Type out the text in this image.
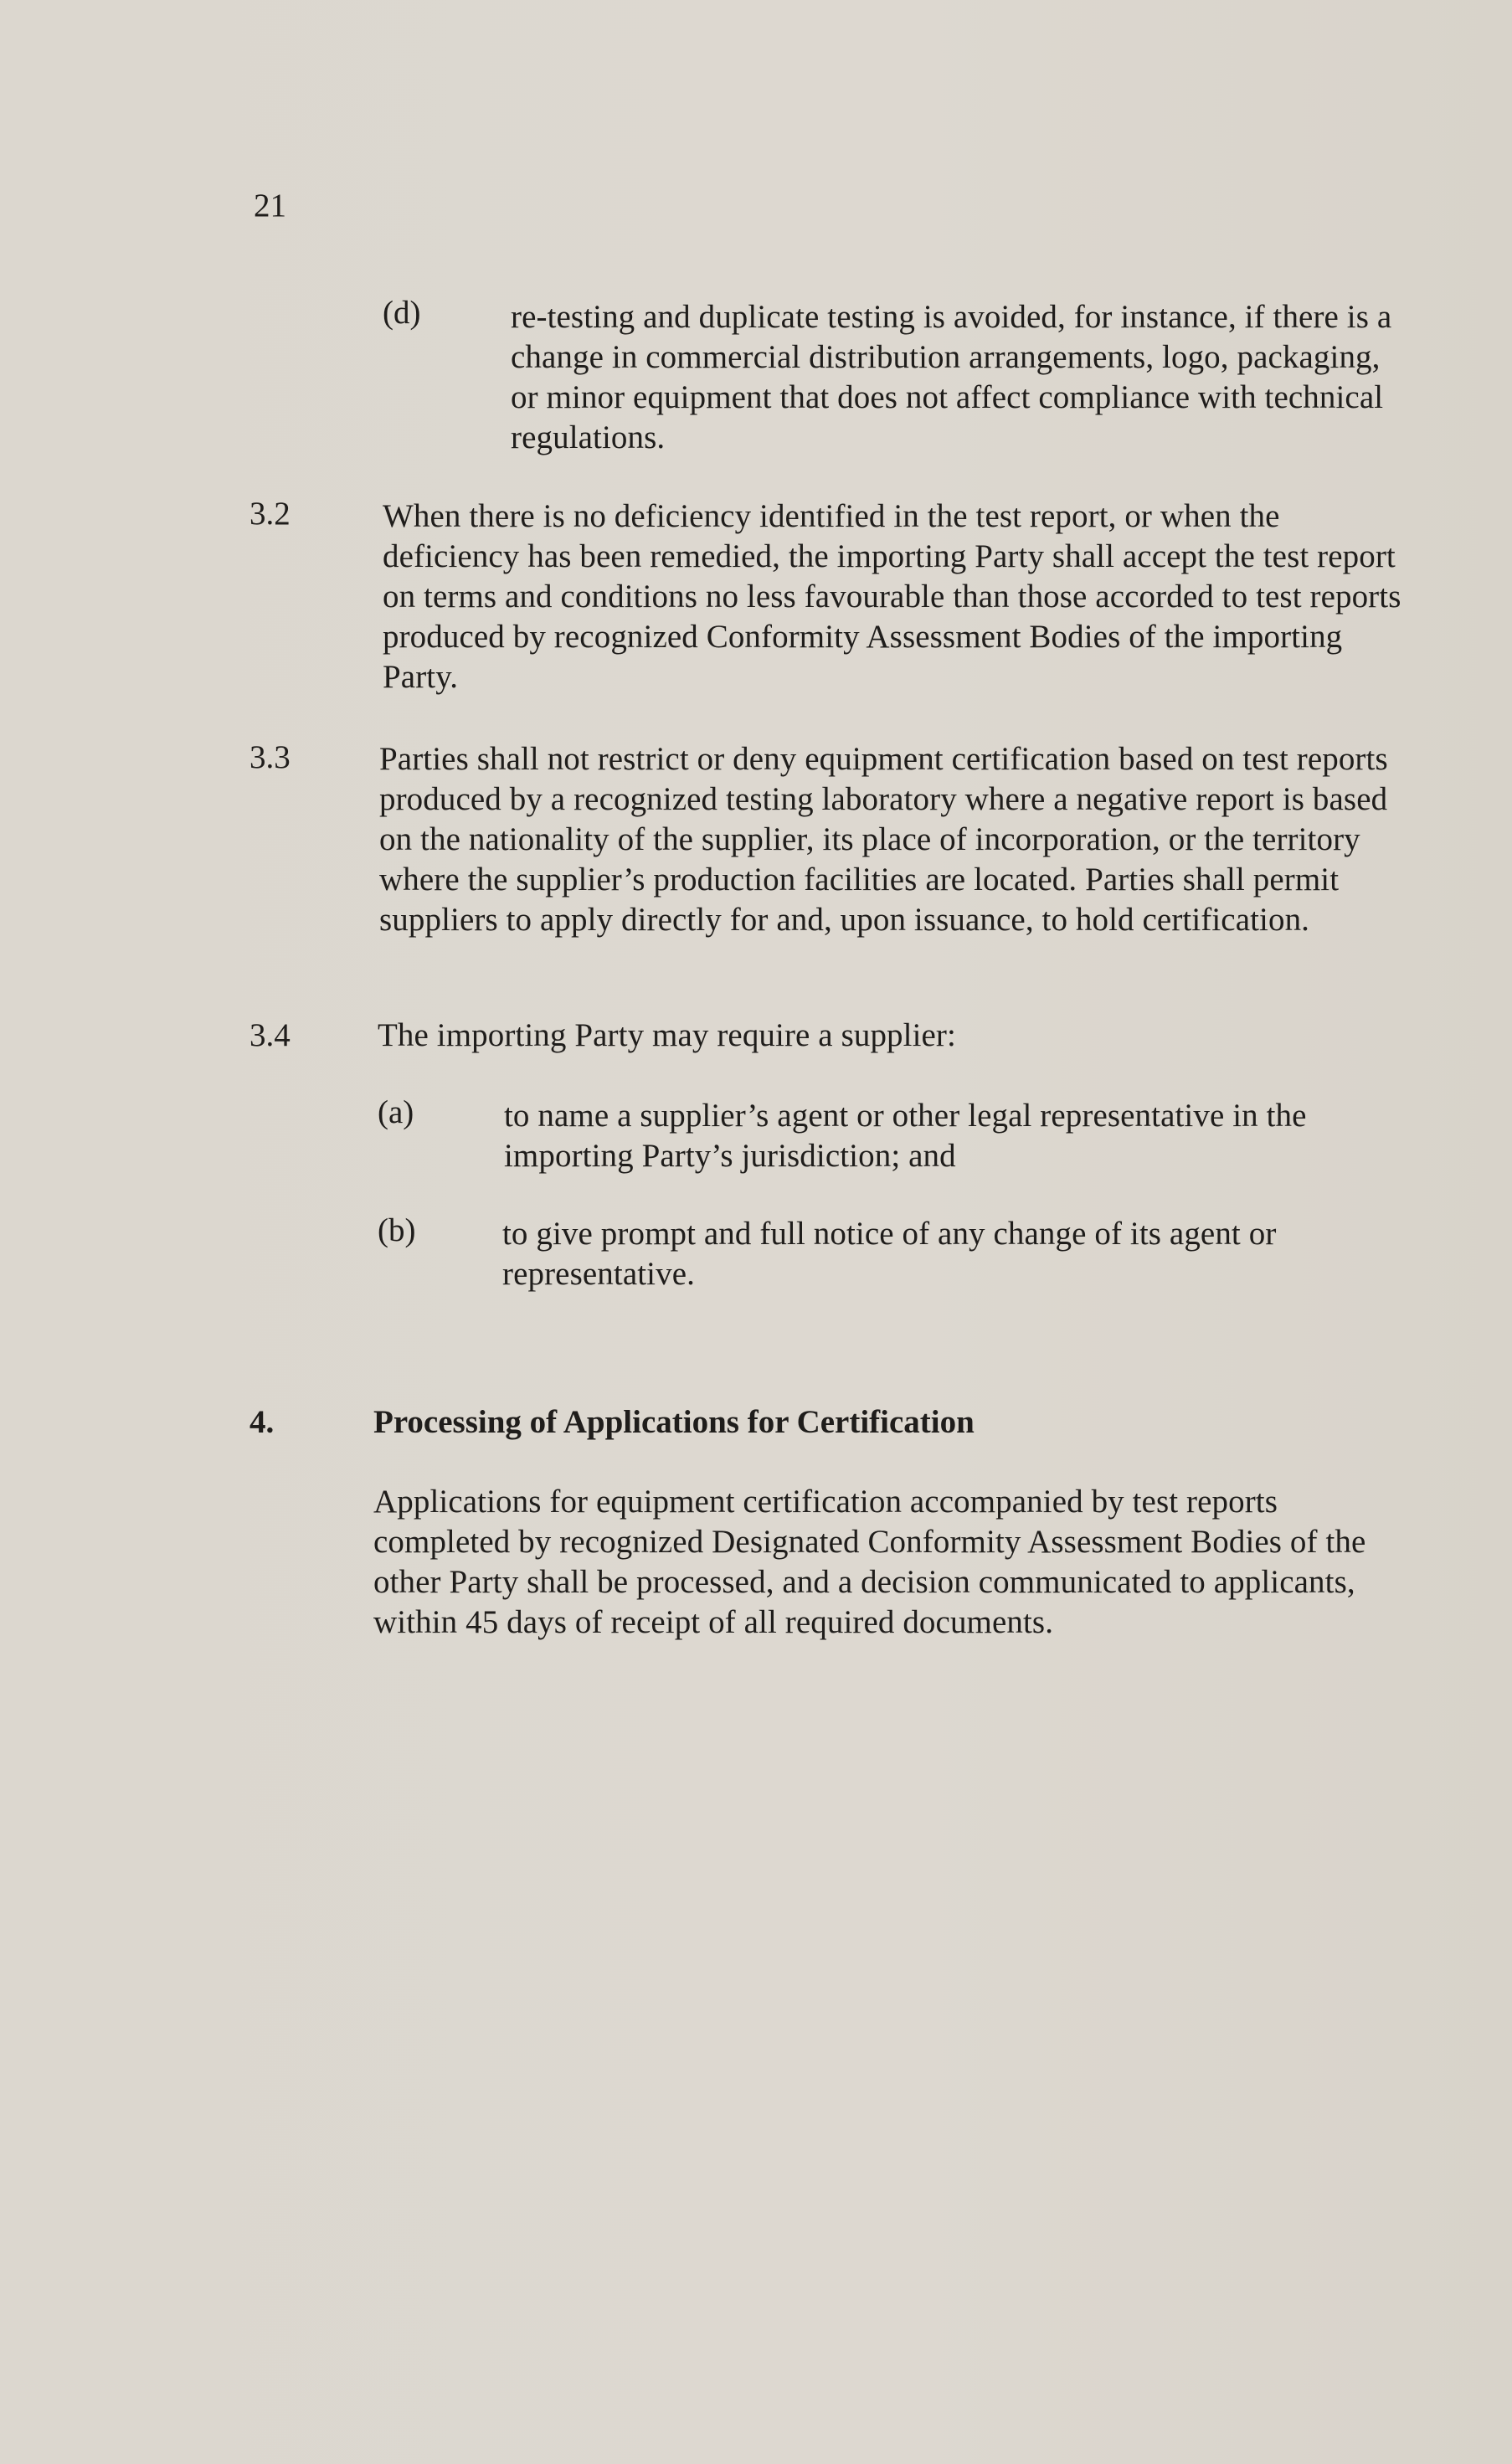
21
(d)	re-testing and duplicate testing is avoided, for instance, if there is a change in commercial distribution arrangements, logo, packaging, or minor equipment that does not affect compliance with technical regulations.
3.2	When there is no deficiency identified in the test report, or when the deficiency has been remedied, the importing Party shall accept the test report on terms and conditions no less favourable than those accorded to test reports produced by recognized Conformity Assessment Bodies of the importing Party.
3.3	Parties shall not restrict or deny equipment certification based on test reports produced by a recognized testing laboratory where a negative report is based on the nationality of the supplier, its place of incorporation, or the territory where the supplier’s production facilities are located. Parties shall permit suppliers to apply directly for and, upon issuance, to hold certification.
3.4	The importing Party may require a supplier:
(a)	to name a supplier’s agent or other legal representative in the importing Party’s jurisdiction; and
(b)	to give prompt and full notice of any change of its agent or representative.
4.	Processing of Applications for Certification
Applications for equipment certification accompanied by test reports completed by recognized Designated Conformity Assessment Bodies of the other Party shall be processed, and a decision communicated to applicants, within 45 days of receipt of all required documents.
